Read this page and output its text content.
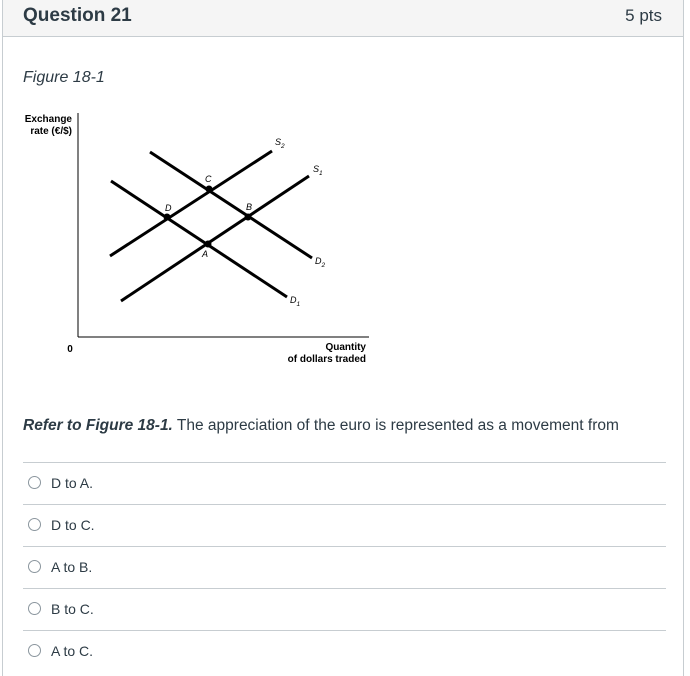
Question 21	5 pts
Figure 18-1
Exchange
rate (€/$)
0	Quantity
of dollars traded
A
B
C
D
$S_2$
$S_1$
$D_2$
$D_1$
Refer to Figure 18-1. The appreciation of the euro is represented as a movement from
D to A.
D to C.
A to B.
B to C.
A to C.
